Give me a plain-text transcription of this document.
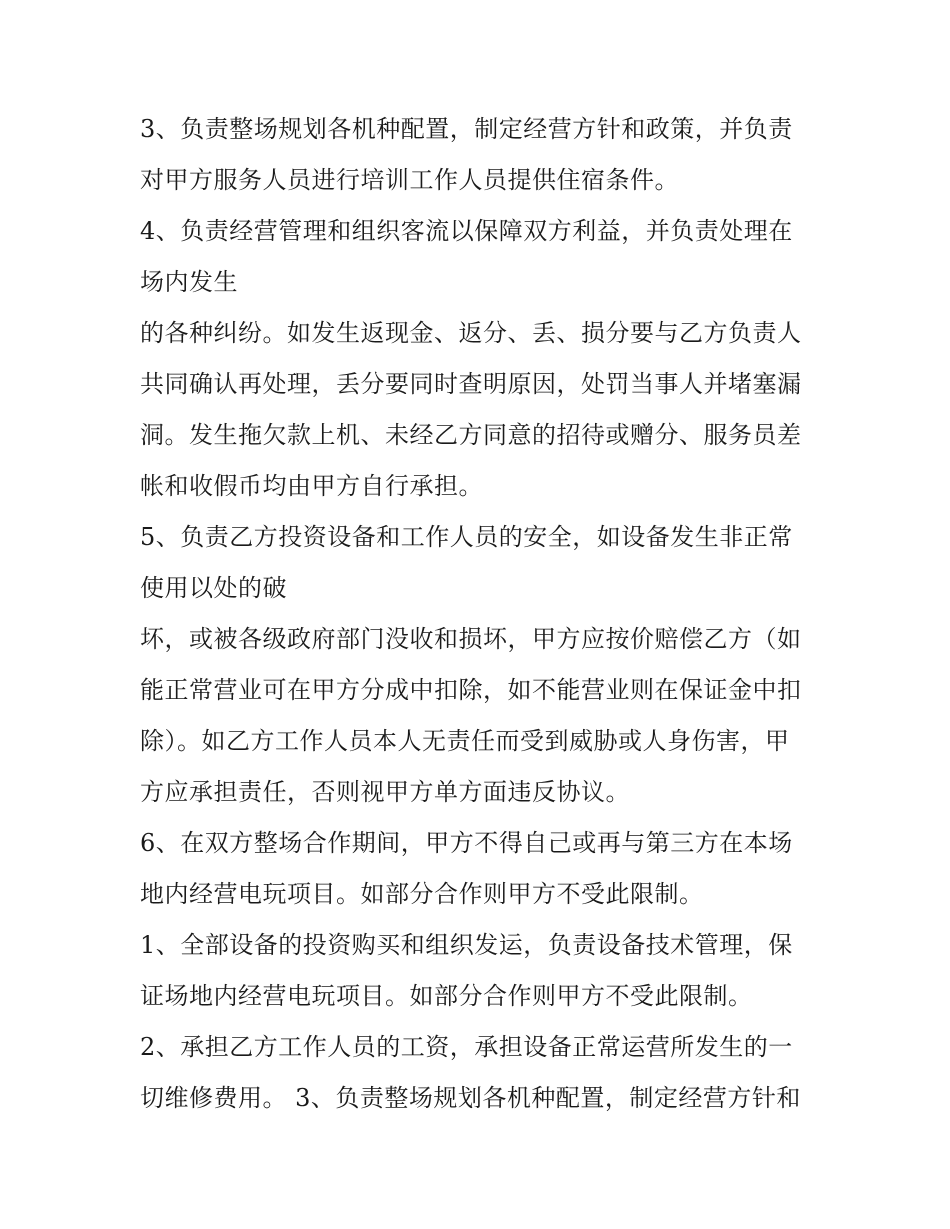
3、负责整场规划各机种配置，制定经营方针和政策，并负责
对甲方服务人员进行培训工作人员提供住宿条件。
4、负责经营管理和组织客流以保障双方利益，并负责处理在
场内发生
的各种纠纷。如发生返现金、返分、丢、损分要与乙方负责人
共同确认再处理，丢分要同时查明原因，处罚当事人并堵塞漏
洞。发生拖欠款上机、未经乙方同意的招待或赠分、服务员差
帐和收假币均由甲方自行承担。
5、负责乙方投资设备和工作人员的安全，如设备发生非正常
使用以处的破
坏，或被各级政府部门没收和损坏，甲方应按价赔偿乙方（如
能正常营业可在甲方分成中扣除，如不能营业则在保证金中扣
除）。如乙方工作人员本人无责任而受到威胁或人身伤害，甲
方应承担责任，否则视甲方单方面违反协议。
6、在双方整场合作期间，甲方不得自己或再与第三方在本场
地内经营电玩项目。如部分合作则甲方不受此限制。
1、全部设备的投资购买和组织发运，负责设备技术管理，保
证场地内经营电玩项目。如部分合作则甲方不受此限制。
2、承担乙方工作人员的工资，承担设备正常运营所发生的一
切维修费用。 3、负责整场规划各机种配置，制定经营方针和
